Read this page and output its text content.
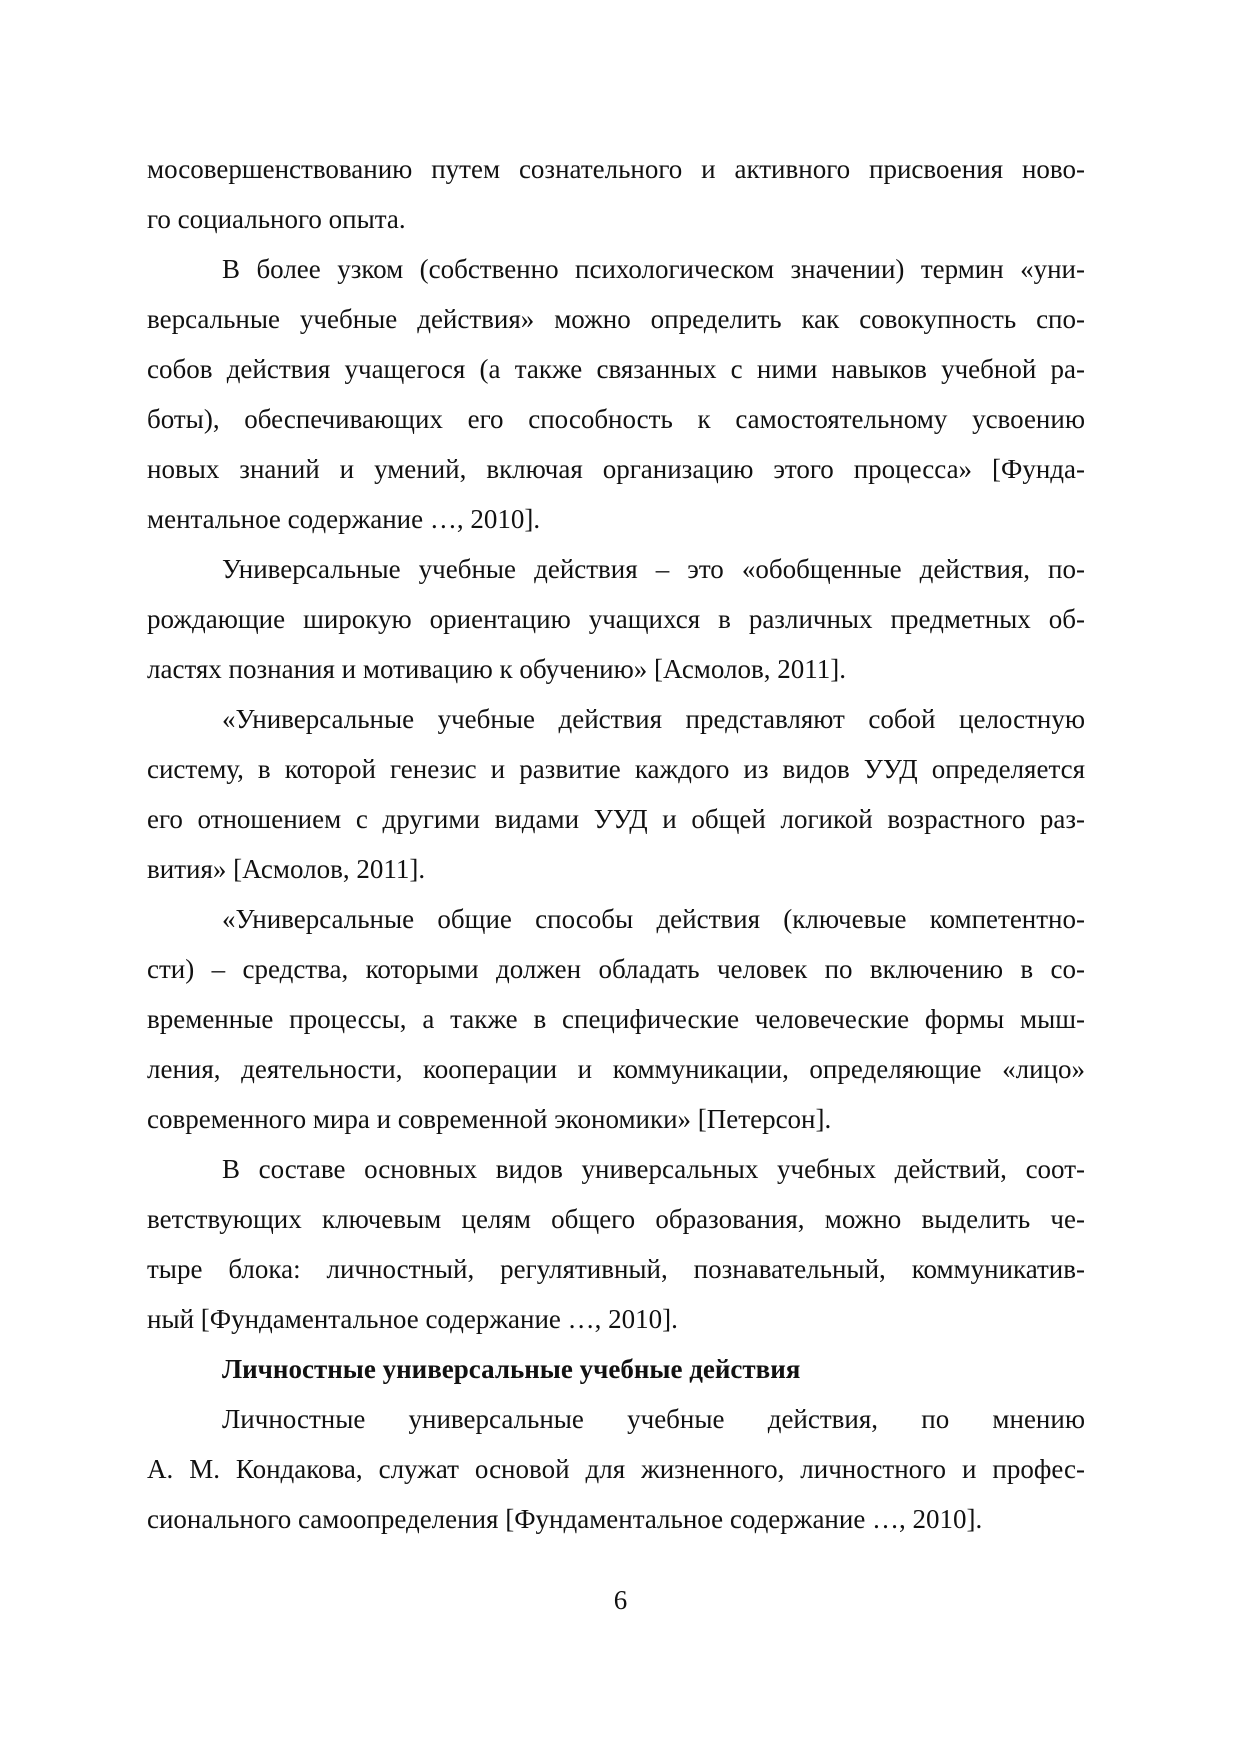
мосовершенствованию путем сознательного и активного присвоения ново-
го социального опыта.
В более узком (собственно психологическом значении) термин «уни-
версальные учебные действия» можно определить как совокупность спо-
собов действия учащегося (а также связанных с ними навыков учебной ра-
боты), обеспечивающих его способность к самостоятельному усвоению
новых знаний и умений, включая организацию этого процесса» [Фунда-
ментальное содержание …, 2010].
Универсальные учебные действия – это «обобщенные действия, по-
рождающие широкую ориентацию учащихся в различных предметных об-
ластях познания и мотивацию к обучению» [Асмолов, 2011].
«Универсальные учебные действия представляют собой целостную
систему, в которой генезис и развитие каждого из видов УУД определяется
его отношением с другими видами УУД и общей логикой возрастного раз-
вития» [Асмолов, 2011].
«Универсальные общие способы действия (ключевые компетентно-
сти) – средства, которыми должен обладать человек по включению в со-
временные процессы, а также в специфические человеческие формы мыш-
ления, деятельности, кооперации и коммуникации, определяющие «лицо»
современного мира и современной экономики» [Петерсон].
В составе основных видов универсальных учебных действий, соот-
ветствующих ключевым целям общего образования, можно выделить че-
тыре блока: личностный, регулятивный, познавательный, коммуникатив-
ный [Фундаментальное содержание …, 2010].
Личностные универсальные учебные действия
Личностные универсальные учебные действия, по мнению
А. М. Кондакова, служат основой для жизненного, личностного и профес-
сионального самоопределения [Фундаментальное содержание …, 2010].
6
